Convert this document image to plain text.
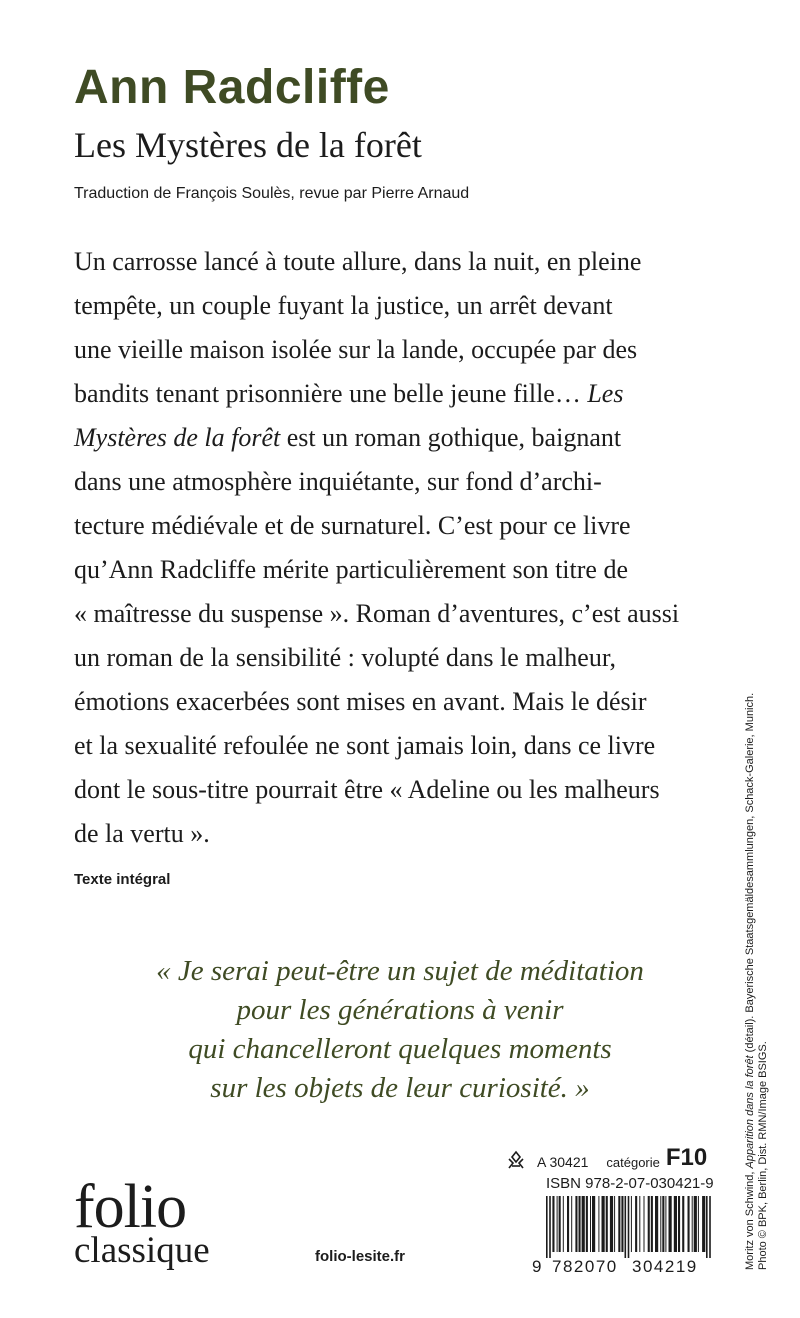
Ann Radcliffe
Les Mystères de la forêt
Traduction de François Soulès, revue par Pierre Arnaud

Un carrosse lancé à toute allure, dans la nuit, en pleine
tempête, un couple fuyant la justice, un arrêt devant
une vieille maison isolée sur la lande, occupée par des
bandits tenant prisonnière une belle jeune fille… Les
Mystères de la forêt est un roman gothique, baignant
dans une atmosphère inquiétante, sur fond d’archi-
tecture médiévale et de surnaturel. C’est pour ce livre
qu’Ann Radcliffe mérite particulièrement son titre de
« maîtresse du suspense ». Roman d’aventures, c’est aussi
un roman de la sensibilité : volupté dans le malheur,
émotions exacerbées sont mises en avant. Mais le désir
et la sexualité refoulée ne sont jamais loin, dans ce livre
dont le sous-titre pourrait être « Adeline ou les malheurs
de la vertu ».

Texte intégral
« Je serai peut-être un sujet de méditation
pour les générations à venir
qui chancelleront quelques moments
sur les objets de leur curiosité. »
folio
classique	folio-lesite.fr
A 30421 catégorie F10
ISBN 978-2-07-030421-9
9 782070 304219	Moritz von Schwind, Apparition dans la forêt (détail). Bayerische Staatsgemäldesammlungen, Schack-Galerie, Munich.
Photo © BPK, Berlin, Dist. RMN/Image BSIGS.
